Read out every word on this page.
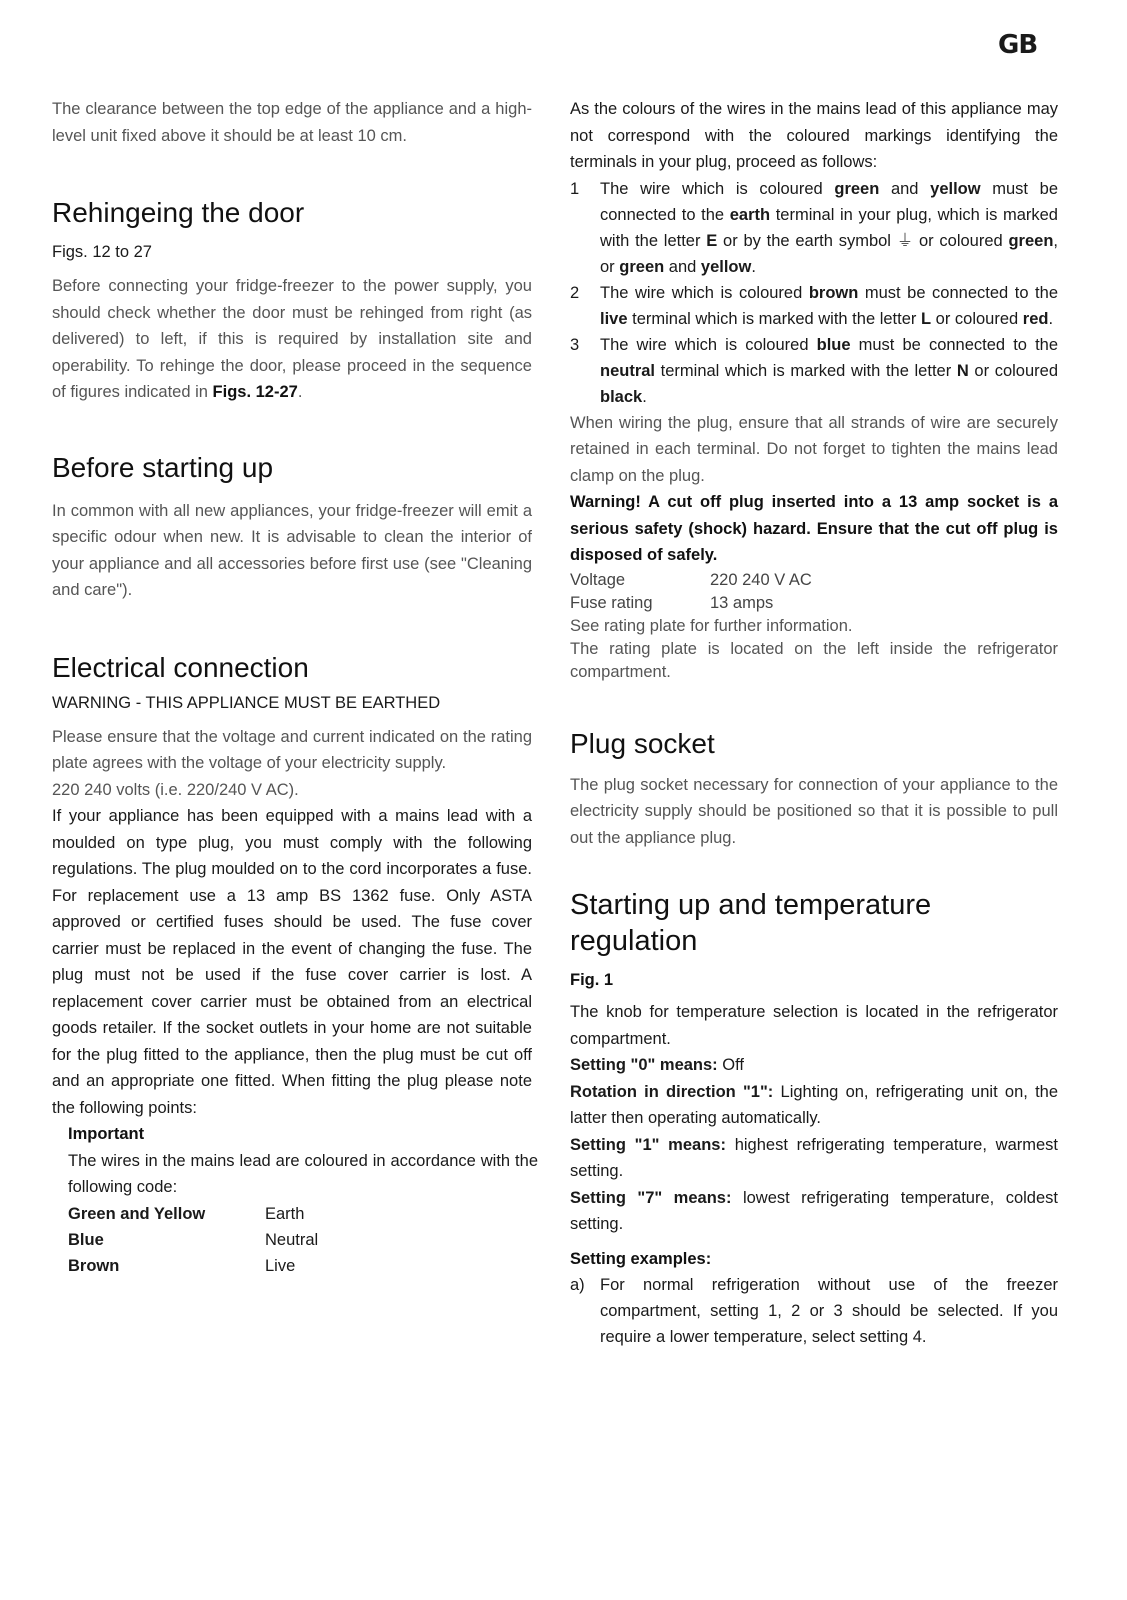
GB

The clearance between the top edge of the appliance and a high-level unit fixed above it should be at least 10 cm.

Rehingeing the door

Figs. 12 to 27

Before connecting your fridge-freezer to the power supply, you should check whether the door must be rehinged from right (as delivered) to left, if this is required by installation site and operability. To rehinge the door, please proceed in the sequence of figures indicated in Figs. 12-27.

Before starting up

In common with all new appliances, your fridge-freezer will emit a specific odour when new. It is advisable to clean the interior of your appliance and all accessories before first use (see "Cleaning and care").

Electrical connection

WARNING - THIS APPLIANCE MUST BE EARTHED

Please ensure that the voltage and current indicated on the rating plate agrees with the voltage of your electricity supply.

220 240 volts (i.e. 220/240 V AC).

If your appliance has been equipped with a mains lead with a moulded on type plug, you must comply with the following regulations. The plug moulded on to the cord incorporates a fuse. For replacement use a 13 amp BS 1362 fuse. Only ASTA approved or certified fuses should be used. The fuse cover carrier must be replaced in the event of changing the fuse. The plug must not be used if the fuse cover carrier is lost. A replacement cover carrier must be obtained from an electrical goods retailer. If the socket outlets in your home are not suitable for the plug fitted to the appliance, then the plug must be cut off and an appropriate one fitted. When fitting the plug please note the following points:

Important

The wires in the mains lead are coloured in accordance with the following code:

Green and Yellow	Earth
Blue	Neutral
Brown	Live

As the colours of the wires in the mains lead of this appliance may not correspond with the coloured markings identifying the terminals in your plug, proceed as follows:

1 The wire which is coloured green and yellow must be connected to the earth terminal in your plug, which is marked with the letter E or by the earth symbol ⏚ or coloured green, or green and yellow.
2 The wire which is coloured brown must be connected to the live terminal which is marked with the letter L or coloured red.
3 The wire which is coloured blue must be connected to the neutral terminal which is marked with the letter N or coloured black.

When wiring the plug, ensure that all strands of wire are securely retained in each terminal. Do not forget to tighten the mains lead clamp on the plug.

Warning! A cut off plug inserted into a 13 amp socket is a serious safety (shock) hazard. Ensure that the cut off plug is disposed of safely.

Voltage	220 240 V AC
Fuse rating	13 amps

See rating plate for further information.

The rating plate is located on the left inside the refrigerator compartment.

Plug socket

The plug socket necessary for connection of your appliance to the electricity supply should be positioned so that it is possible to pull out the appliance plug.

Starting up and temperature
regulation

Fig. 1

The knob for temperature selection is located in the refrigerator compartment.

Setting "0" means: Off

Rotation in direction "1": Lighting on, refrigerating unit on, the latter then operating automatically.

Setting "1" means: highest refrigerating temperature, warmest setting.

Setting "7" means: lowest refrigerating temperature, coldest setting.

Setting examples:

a) For normal refrigeration without use of the freezer compartment, setting 1, 2 or 3 should be selected. If you require a lower temperature, select setting 4.
